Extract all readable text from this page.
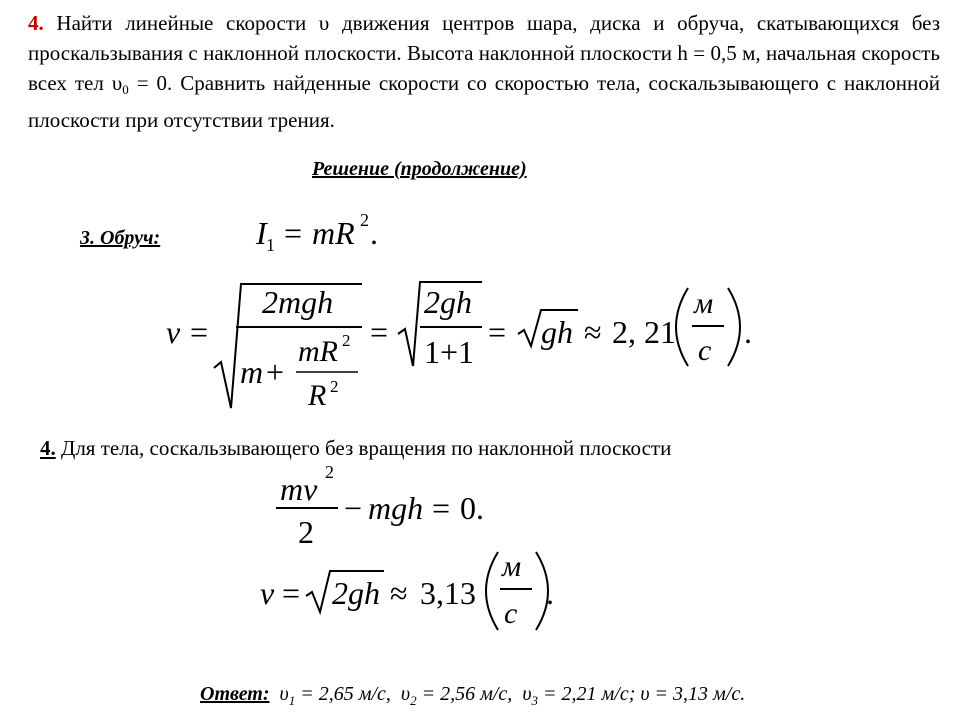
4. Найти линейные скорости υ движения центров шара, диска и обруча, скатывающихся без проскальзывания с наклонной плоскости. Высота наклонной плоскости h = 0,5 м, начальная скорость всех тел $\upsilon_0 = 0$. Сравнить найденные скорости со скоростью тела, соскальзывающего с наклонной плоскости при отсутствии трения.
Решение (продолжение)
3. Обруч:	I 1 = mR 2 .
v =
2mgh
m +
mR 2
R 2
=
2gh
1+1
= gh ≈ 2, 21
м
с
.
mv 2
2
− mgh = 0.
v = 2gh ≈ 3,13
м
с
.
4. Для тела, соскальзывающего без вращения по наклонной плоскости
Ответ: $\upsilon_1 = 2,65$ м/с, $\upsilon_2 = 2,56$ м/с, $\upsilon_3 = 2,21$ м/с; υ = 3,13 м/с.
